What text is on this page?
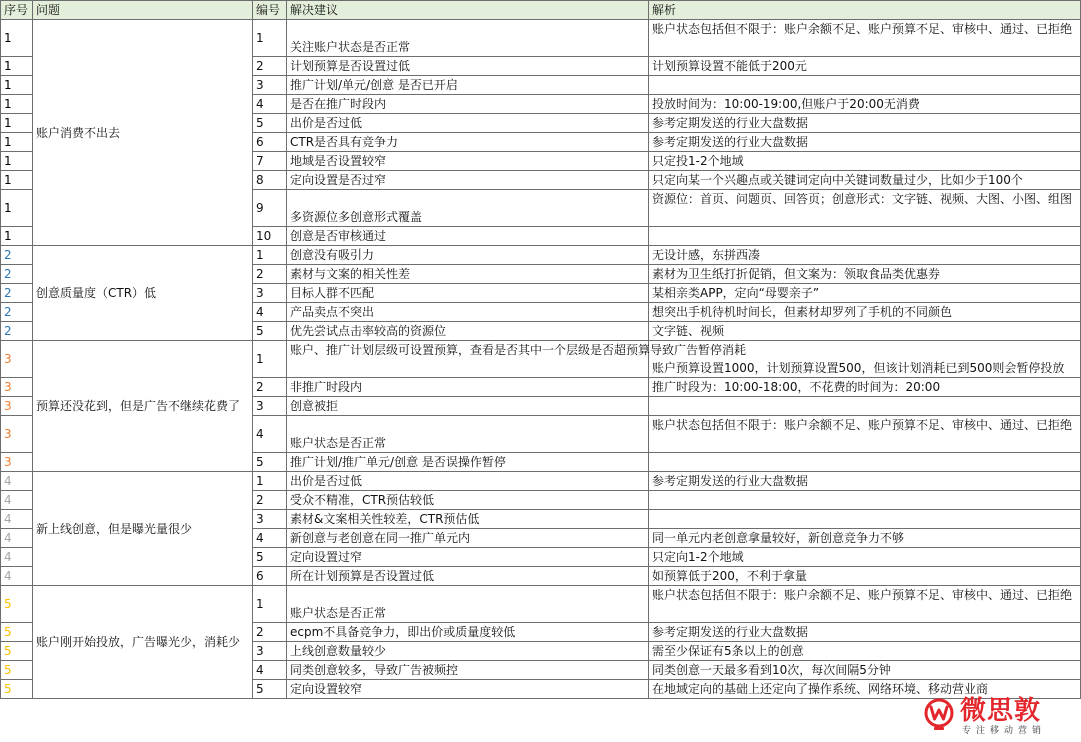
序号	问题	编号	解决建议	解析
1	账户消费不出去	1	关注账户状态是否正常	账户状态包括但不限于：账户余额不足、账户预算不足、审核中、通过、已拒绝
1		2	计划预算是否设置过低	计划预算设置不能低于200元
1		3	推广计划/单元/创意 是否已开启	
1		4	是否在推广时段内	投放时间为：10:00-19:00,但账户于20:00无消费
1		5	出价是否过低	参考定期发送的行业大盘数据
1		6	CTR是否具有竞争力	参考定期发送的行业大盘数据
1		7	地域是否设置较窄	只定投1-2个地域
1		8	定向设置是否过窄	只定向某一个兴趣点或关键词定向中关键词数量过少，比如少于100个
1		9	多资源位多创意形式覆盖	资源位：首页、问题页、回答页；创意形式：文字链、视频、大图、小图、组图
1		10	创意是否审核通过	
2	创意质量度（CTR）低	1	创意没有吸引力	无设计感，东拼西凑
2		2	素材与文案的相关性差	素材为卫生纸打折促销，但文案为：领取食品类优惠券
2		3	目标人群不匹配	某相亲类APP，定向“母婴亲子”
2		4	产品卖点不突出	想突出手机待机时间长，但素材却罗列了手机的不同颜色
2		5	优先尝试点击率较高的资源位	文字链、视频
3	预算还没花到，但是广告不继续花费了	1	账户、推广计划层级可设置预算，查看是否其中一个层级是否超预算导致广告暂停消耗	账户预算设置1000，计划预算设置500，但该计划消耗已到500则会暂停投放
3		2	非推广时段内	推广时段为：10:00-18:00，不花费的时间为：20:00
3		3	创意被拒	
3		4	账户状态是否正常	账户状态包括但不限于：账户余额不足、账户预算不足、审核中、通过、已拒绝
3		5	推广计划/推广单元/创意 是否误操作暂停	
4	新上线创意，但是曝光量很少	1	出价是否过低	参考定期发送的行业大盘数据
4		2	受众不精准，CTR预估较低	
4		3	素材&文案相关性较差，CTR预估低	
4		4	新创意与老创意在同一推广单元内	同一单元内老创意拿量较好，新创意竞争力不够
4		5	定向设置过窄	只定向1-2个地域
4		6	所在计划预算是否设置过低	如预算低于200，不利于拿量
5	账户刚开始投放，广告曝光少，消耗少	1	账户状态是否正常	账户状态包括但不限于：账户余额不足、账户预算不足、审核中、通过、已拒绝
5		2	ecpm不具备竞争力，即出价或质量度较低	参考定期发送的行业大盘数据
5		3	上线创意数量较少	需至少保证有5条以上的创意
5		4	同类创意较多，导致广告被频控	同类创意一天最多看到10次，每次间隔5分钟
5		5	定向设置较窄	在地域定向的基础上还定向了操作系统、网络环境、移动营业商
微思敦
专注移动营销
